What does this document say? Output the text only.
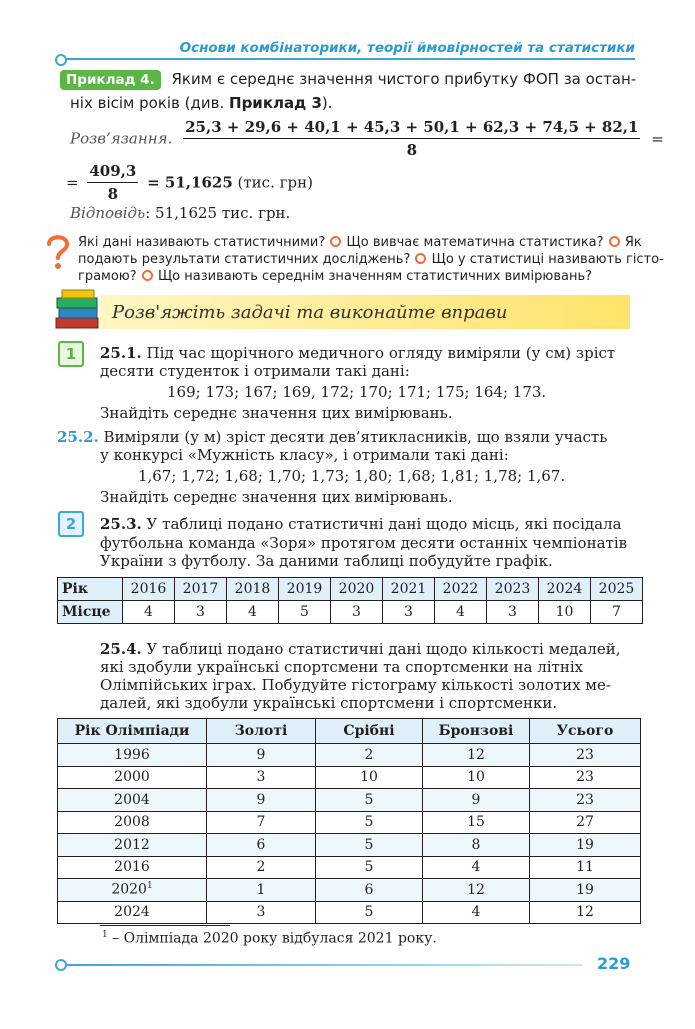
Основи комбінаторики, теорії ймовірностей та статистики
Приклад 4. Яким є середнє значення чистого прибутку ФОП за остан-
ніх вісім років (див. Приклад 3).
Розв’язання. $\frac{25,3 + 29,6 + 40,1 + 45,3 + 50,1 + 62,3 + 74,5 + 82,1}{8}$ =
= $\frac{409,3}{8} = 51,1625$ (тис. грн)
Відповідь: 51,1625 тис. грн.
Які дані називають статистичними? Що вивчає математична статистика? Як
подають результати статистичних досліджень? Що у статистиці називають гісто-
грамою? Що називають середнім значенням статистичних вимірювань?
Розв'яжіть задачі та виконайте вправи
1	25.1. Під час щорічного медичного огляду виміряли (у см) зріст
десяти студенток і отримали такі дані:
169; 173; 167; 169, 172; 170; 171; 175; 164; 173.
Знайдіть середнє значення цих вимірювань.
25.2. Виміряли (у м) зріст десяти дев’ятикласників, що взяли участь
у конкурсі «Мужність класу», і отримали такі дані:
1,67; 1,72; 1,68; 1,70; 1,73; 1,80; 1,68; 1,81; 1,78; 1,67.
Знайдіть середнє значення цих вимірювань.
2	25.3. У таблиці подано статистичні дані щодо місць, які посідала
футбольна команда «Зоря» протягом десяти останніх чемпіонатів
України з футболу. За даними таблиці побудуйте графік.
Рік	2016	2017	2018	2019	2020	2021	2022	2023	2024	2025
Місце	4	3	4	5	3	3	4	3	10	7
25.4. У таблиці подано статистичні дані щодо кількості медалей,
які здобули українські спортсмени та спортсменки на літніх
Олімпійських іграх. Побудуйте гістограму кількості золотих ме-
далей, які здобули українські спортсмени і спортсменки.
Рік Олімпіади	Золоті	Срібні	Бронзові	Усього
1996	9	2	12	23
2000	3	10	10	23
2004	9	5	9	23
2008	7	5	15	27
2012	6	5	8	19
2016	2	5	4	11
2020$^1$	1	6	12	19
2024	3	5	4	12
$^1$ – Олімпіада 2020 року відбулася 2021 року.
229
